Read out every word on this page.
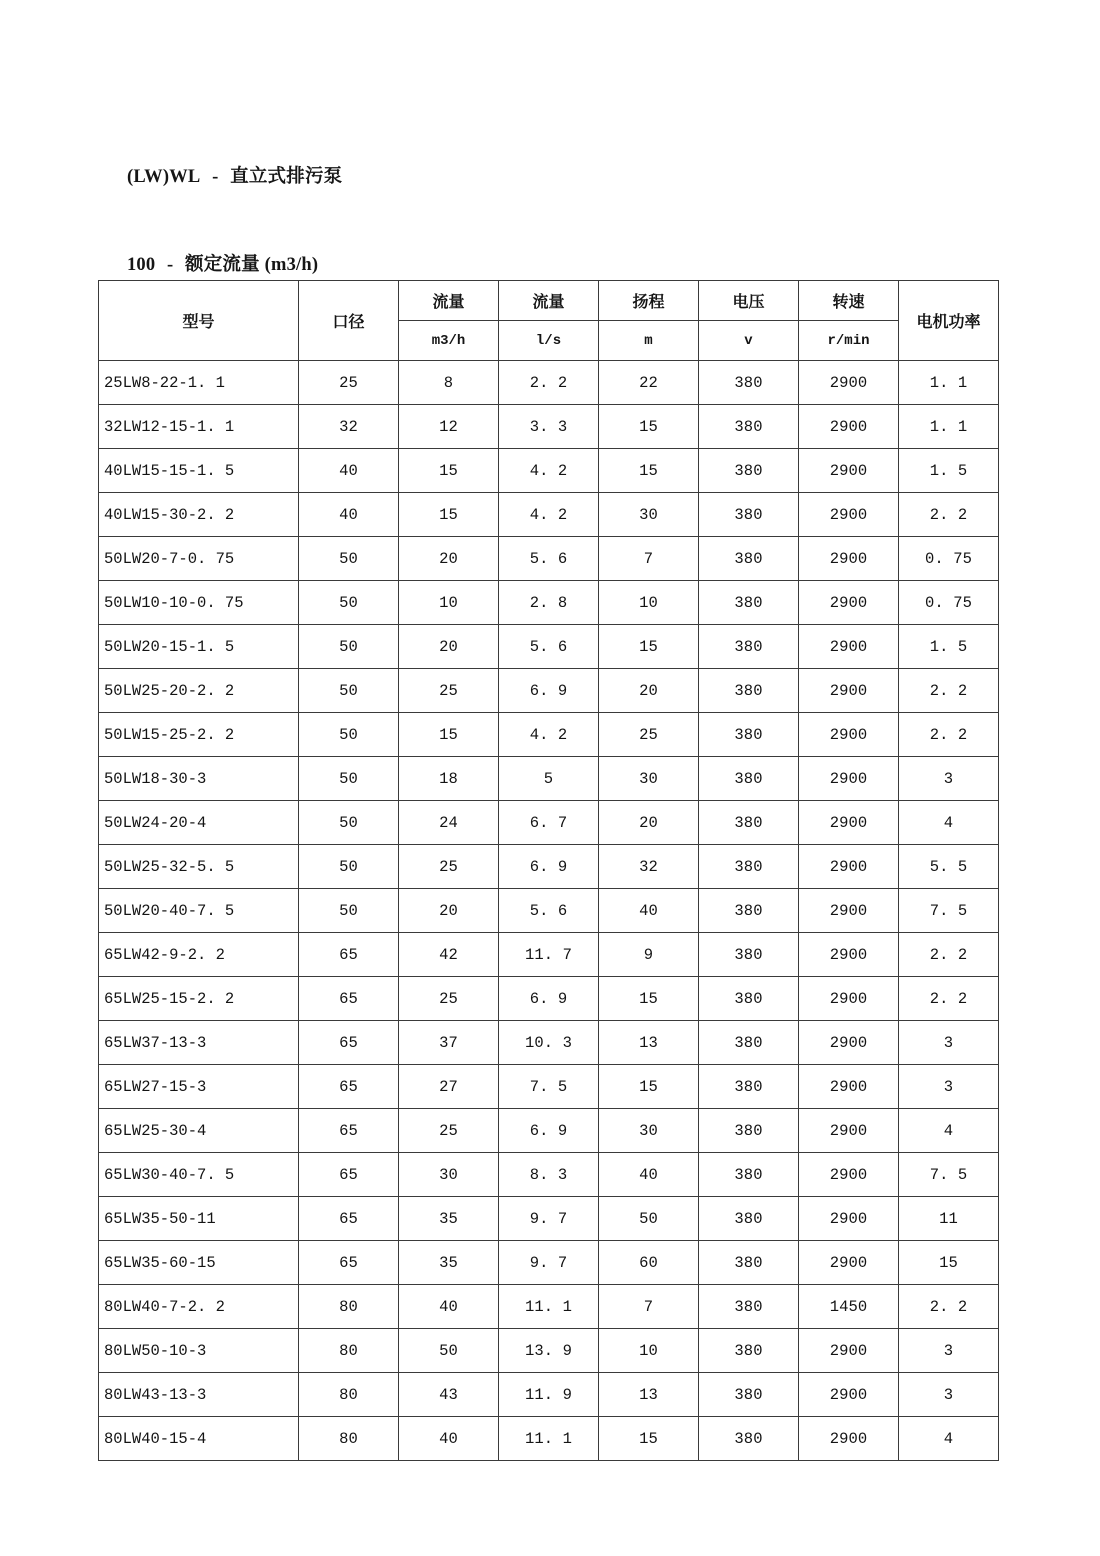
(LW)WL - 直立式排污泵

100 - 额定流量 (m3/h)

型号	口径	流量	流量	扬程	电压	转速	电机功率
		m3/h	l/s	m	v	r/min	
25LW8-22-1. 1	25	8	2. 2	22	380	2900	1. 1
32LW12-15-1. 1	32	12	3. 3	15	380	2900	1. 1
40LW15-15-1. 5	40	15	4. 2	15	380	2900	1. 5
40LW15-30-2. 2	40	15	4. 2	30	380	2900	2. 2
50LW20-7-0. 75	50	20	5. 6	7	380	2900	0. 75
50LW10-10-0. 75	50	10	2. 8	10	380	2900	0. 75
50LW20-15-1. 5	50	20	5. 6	15	380	2900	1. 5
50LW25-20-2. 2	50	25	6. 9	20	380	2900	2. 2
50LW15-25-2. 2	50	15	4. 2	25	380	2900	2. 2
50LW18-30-3	50	18	5	30	380	2900	3
50LW24-20-4	50	24	6. 7	20	380	2900	4
50LW25-32-5. 5	50	25	6. 9	32	380	2900	5. 5
50LW20-40-7. 5	50	20	5. 6	40	380	2900	7. 5
65LW42-9-2. 2	65	42	11. 7	9	380	2900	2. 2
65LW25-15-2. 2	65	25	6. 9	15	380	2900	2. 2
65LW37-13-3	65	37	10. 3	13	380	2900	3
65LW27-15-3	65	27	7. 5	15	380	2900	3
65LW25-30-4	65	25	6. 9	30	380	2900	4
65LW30-40-7. 5	65	30	8. 3	40	380	2900	7. 5
65LW35-50-11	65	35	9. 7	50	380	2900	11
65LW35-60-15	65	35	9. 7	60	380	2900	15
80LW40-7-2. 2	80	40	11. 1	7	380	1450	2. 2
80LW50-10-3	80	50	13. 9	10	380	2900	3
80LW43-13-3	80	43	11. 9	13	380	2900	3
80LW40-15-4	80	40	11. 1	15	380	2900	4
